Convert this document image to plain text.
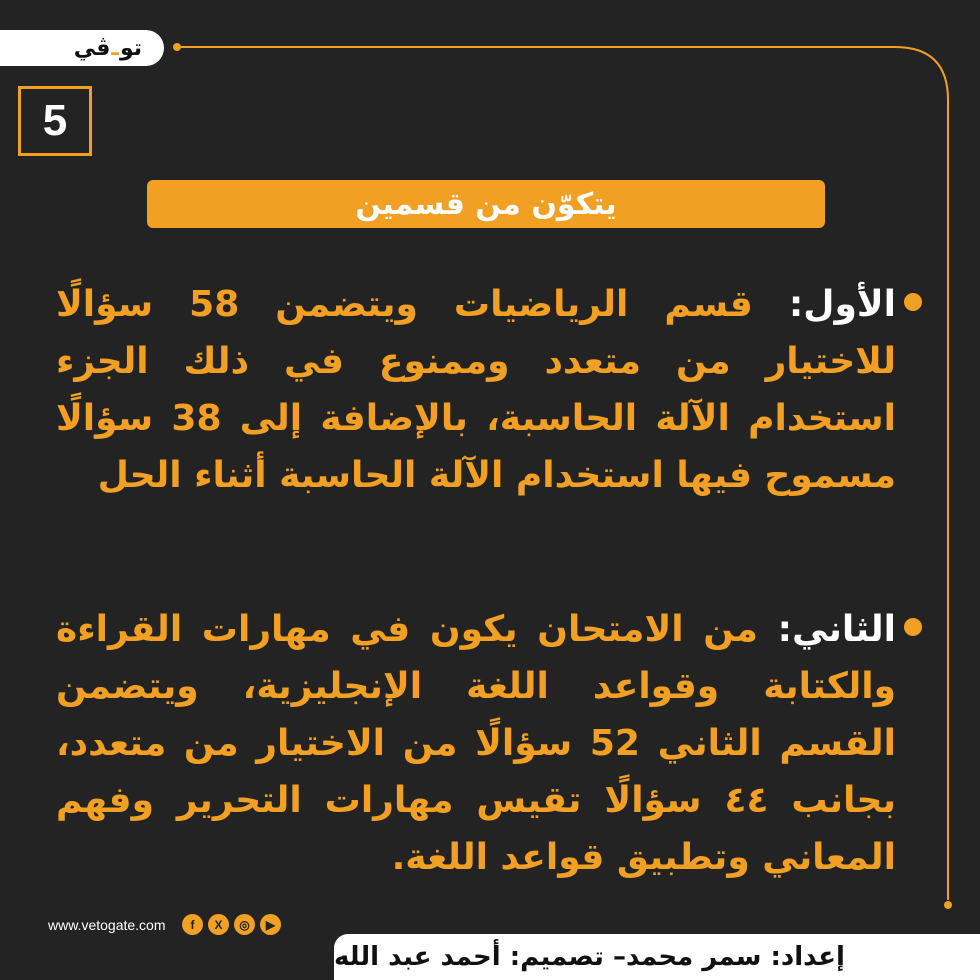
ڤي ـ تو
5
يتكوّن من قسمين

الأول: قسم الرياضيات ويتضمن 58 سؤالًا للاختيار من متعدد وممنوع في ذلك الجزء استخدام الآلة الحاسبة، بالإضافة إلى 38 سؤالًا مسموح فيها استخدام الآلة الحاسبة أثناء الحل

الثاني: من الامتحان يكون في مهارات القراءة والكتابة وقواعد اللغة الإنجليزية، ويتضمن القسم الثاني 52 سؤالًا من الاختيار من متعدد، بجانب ٤٤ سؤالًا تقيس مهارات التحرير وفهم المعاني وتطبيق قواعد اللغة.

www.vetogate.com	f	X	◎	▶
إعداد: سمر محمد– تصميم: أحمد عبد الله
